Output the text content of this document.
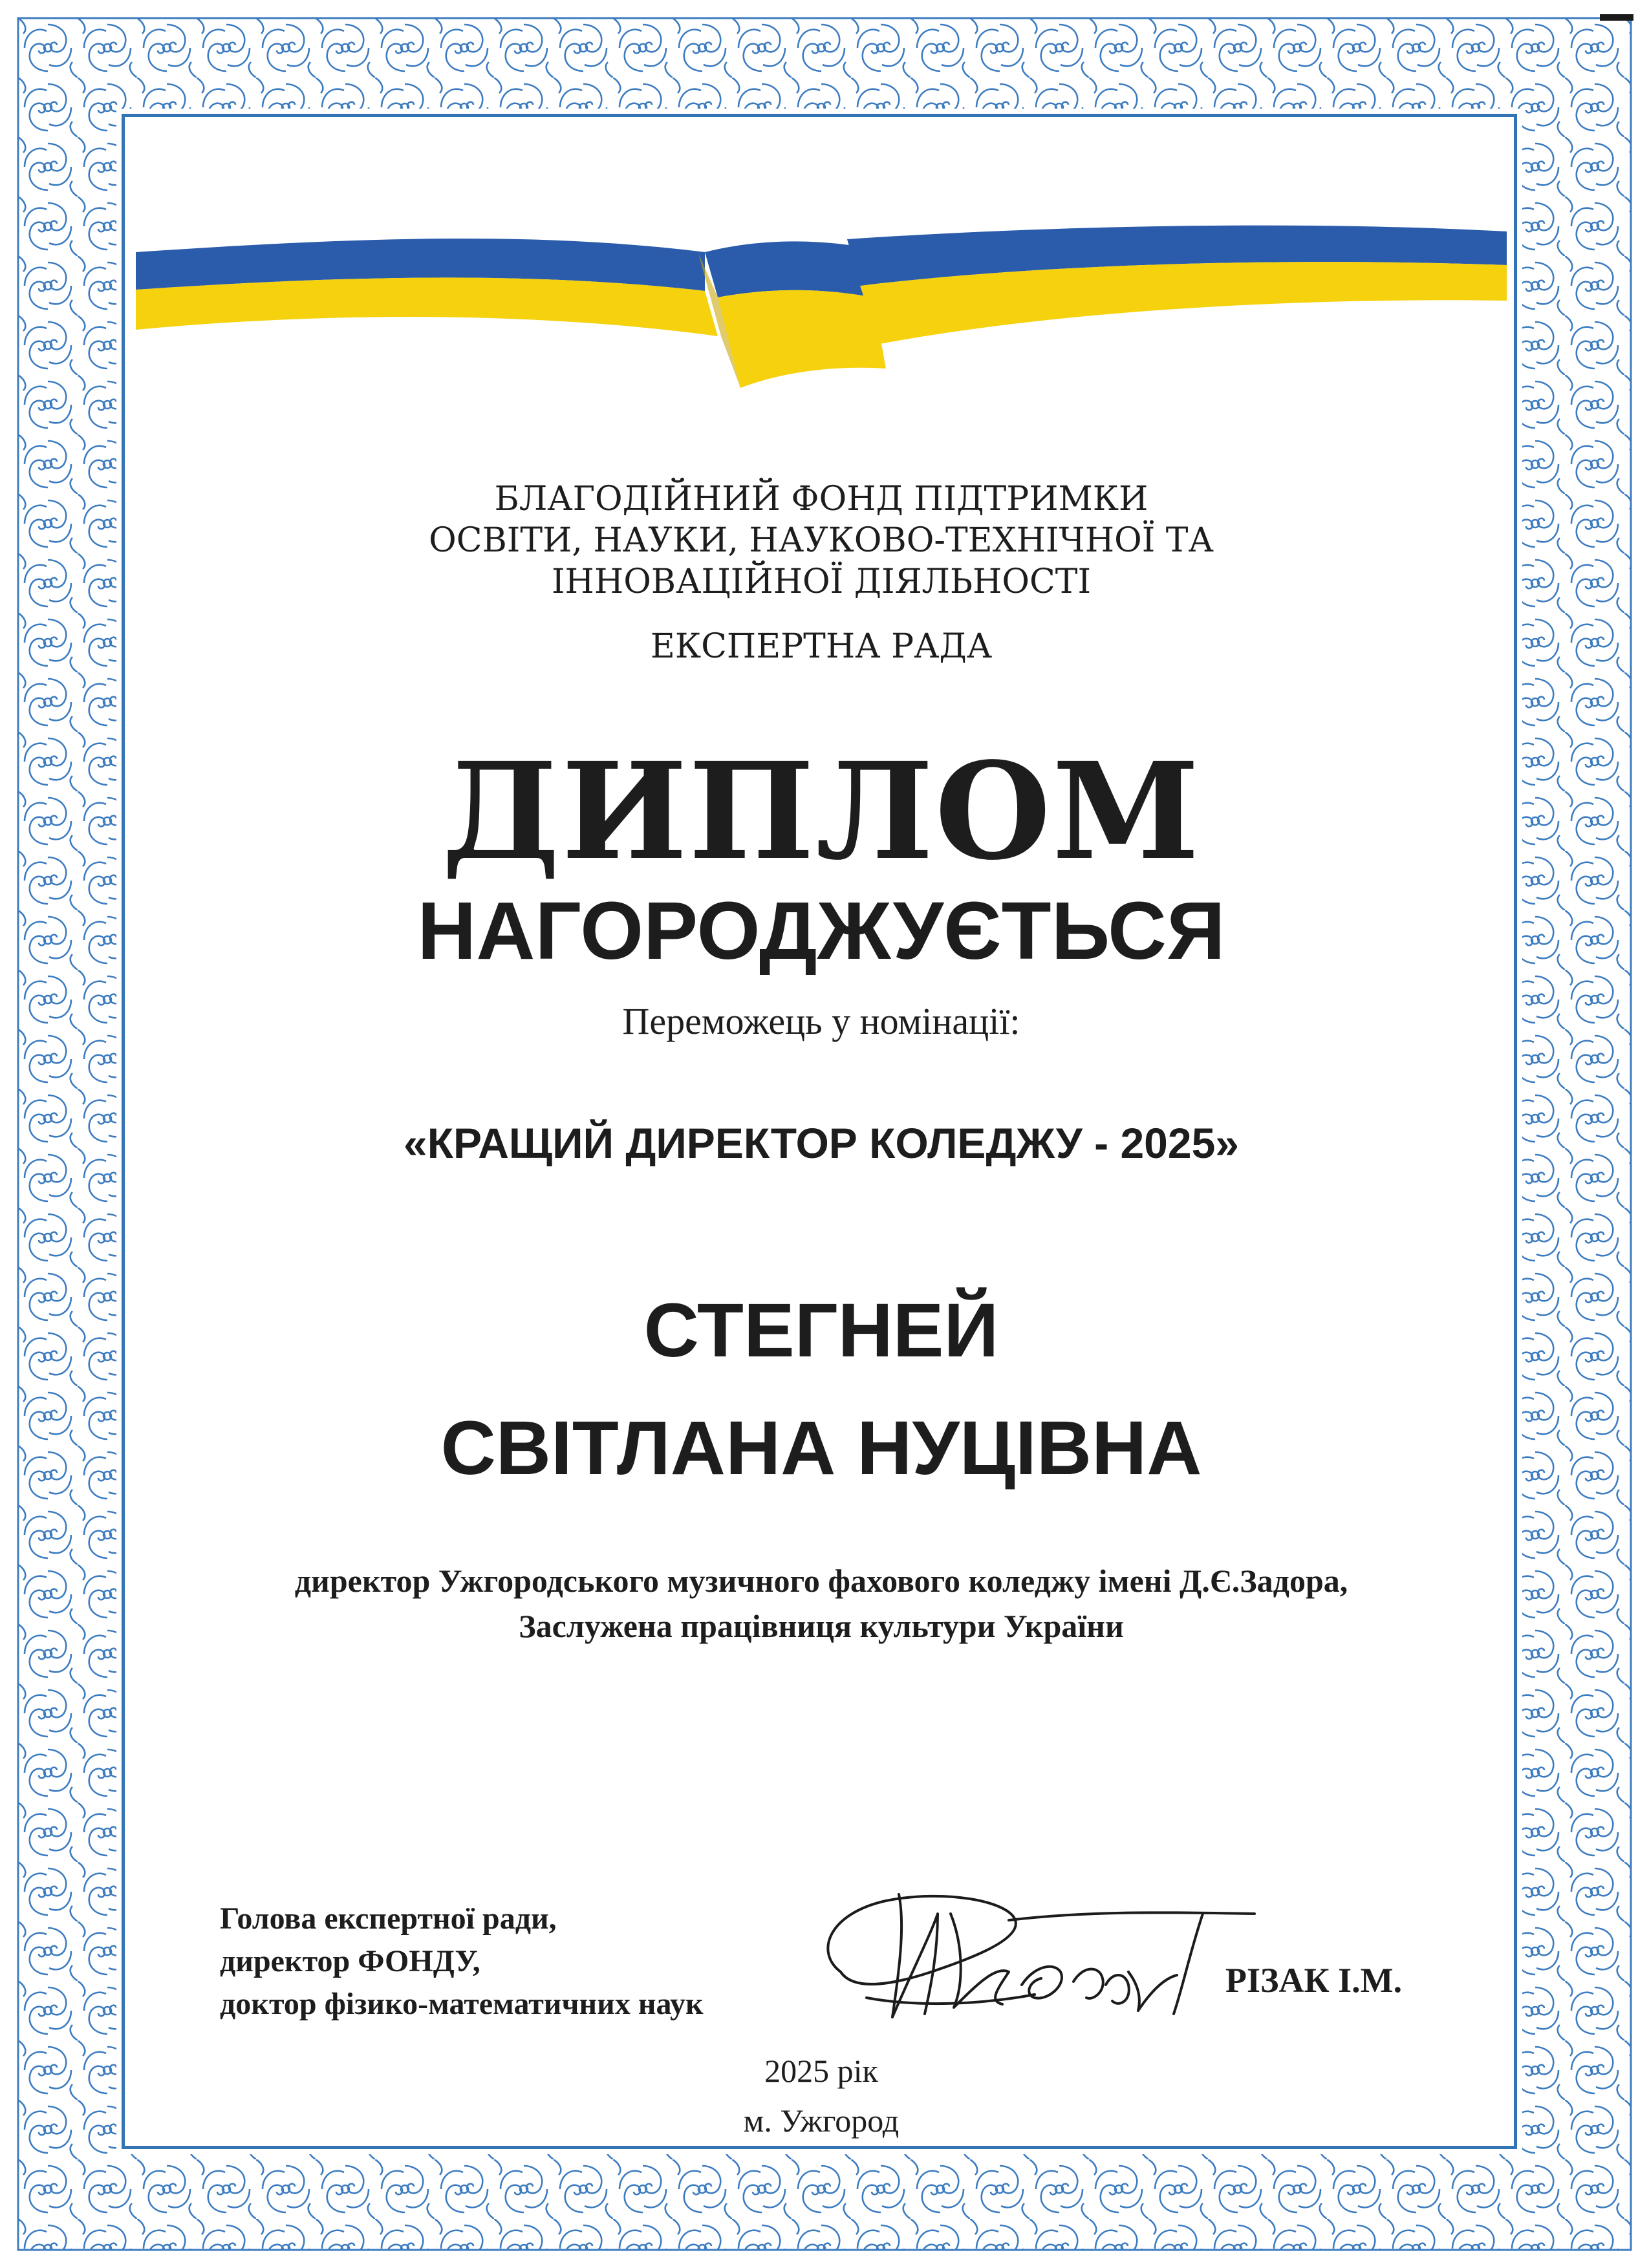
БЛАГОДІЙНИЙ ФОНД ПІДТРИМКИ
ОСВІТИ, НАУКИ, НАУКОВО-ТЕХНІЧНОЇ ТА
ІННОВАЦІЙНОЇ ДІЯЛЬНОСТІ
ЕКСПЕРТНА РАДА
ДИПЛОМ
НАГОРОДЖУЄТЬСЯ
Переможець у номінації:
«КРАЩИЙ ДИРЕКТОР КОЛЕДЖУ - 2025»
СТЕГНЕЙ
СВІТЛАНА НУЦІВНА
директор Ужгородського музичного фахового коледжу імені Д.Є.Задора,
Заслужена працівниця культури України
Голова експертної ради,
директор ФОНДУ,
доктор фізико-математичних наук
РІЗАК І.М.
2025 рік
м. Ужгород
